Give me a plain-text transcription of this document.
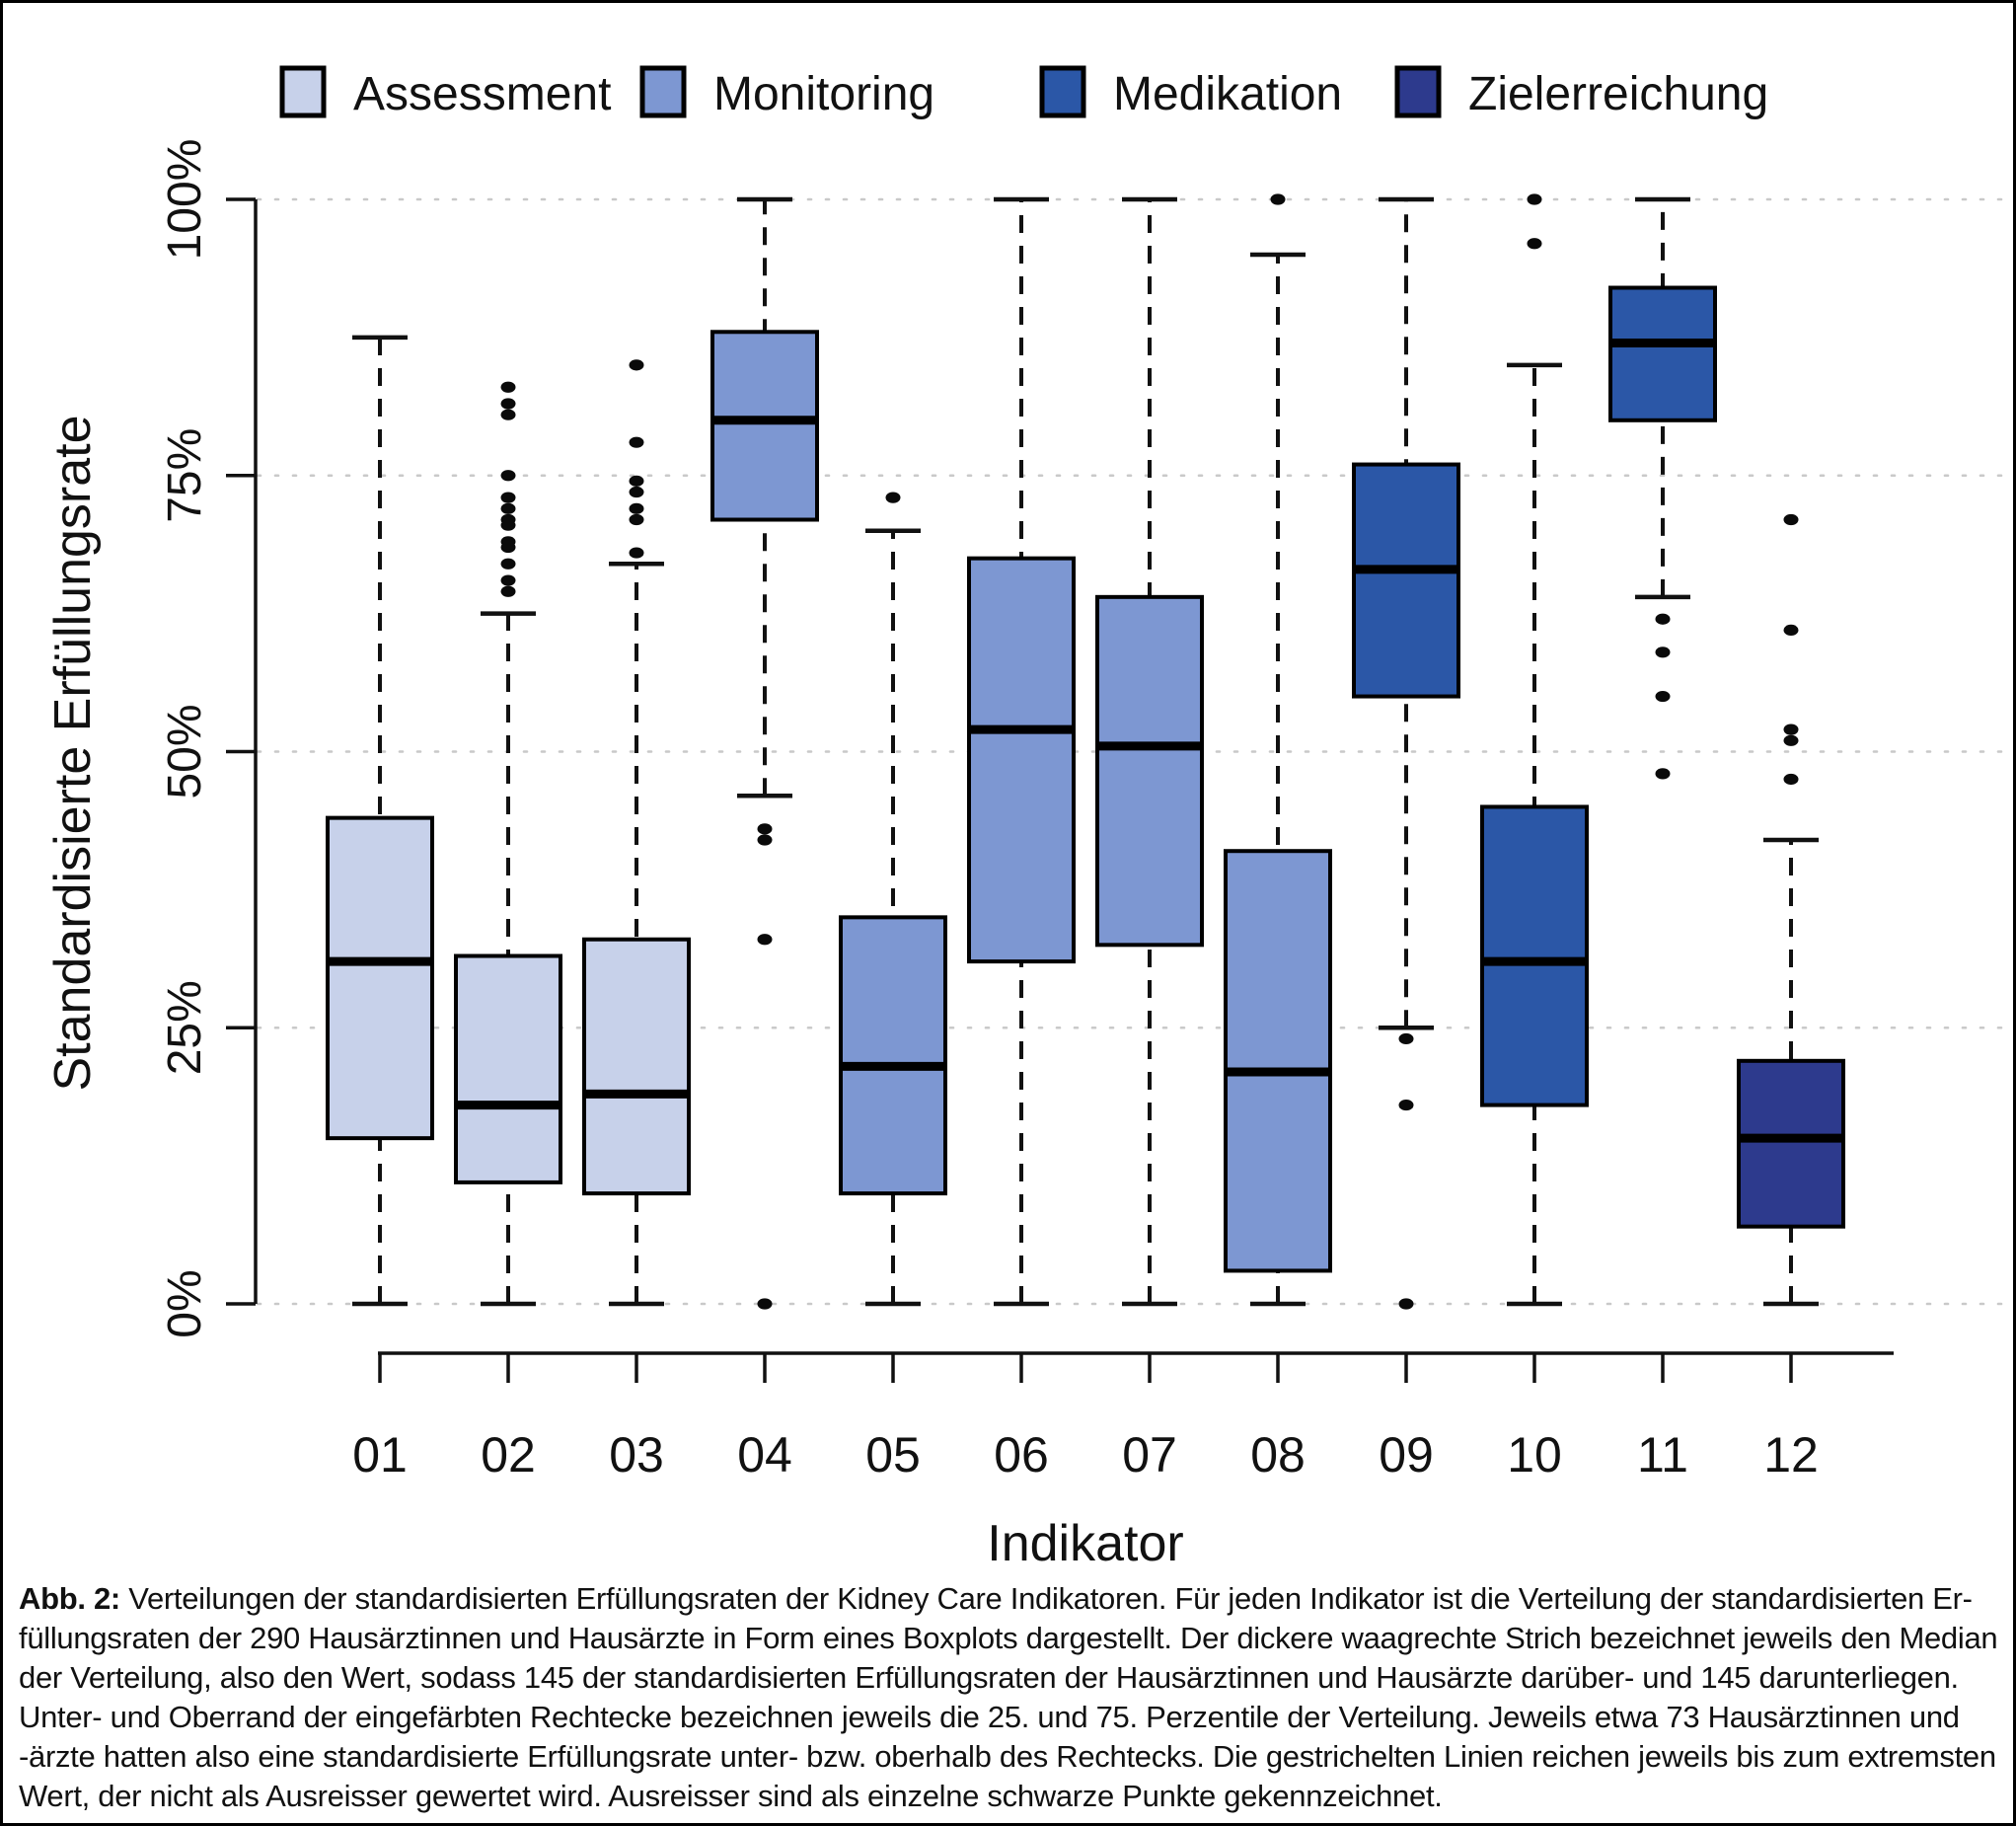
Assessment Monitoring	Medikation	Zielerreichung
0%
25%
50%
75%
100%
Standardisierte Erfüllungsrate
01 02 03 04 05 06 07 08 09 10 11 12
Indikator
Abb. 2: Verteilungen der standardisierten Erfüllungsraten der Kidney Care Indikatoren. Für jeden Indikator ist die Verteilung der standardisierten Er-
füllungsraten der 290 Hausärztinnen und Hausärzte in Form eines Boxplots dargestellt. Der dickere waagrechte Strich bezeichnet jeweils den Median
der Verteilung, also den Wert, sodass 145 der standardisierten Erfüllungsraten der Hausärztinnen und Hausärzte darüber- und 145 darunterliegen.
Unter- und Oberrand der eingefärbten Rechtecke bezeichnen jeweils die 25. und 75. Perzentile der Verteilung. Jeweils etwa 73 Hausärztinnen und
-ärzte hatten also eine standardisierte Erfüllungsrate unter- bzw. oberhalb des Rechtecks. Die gestrichelten Linien reichen jeweils bis zum extremsten
Wert, der nicht als Ausreisser gewertet wird. Ausreisser sind als einzelne schwarze Punkte gekennzeichnet.
